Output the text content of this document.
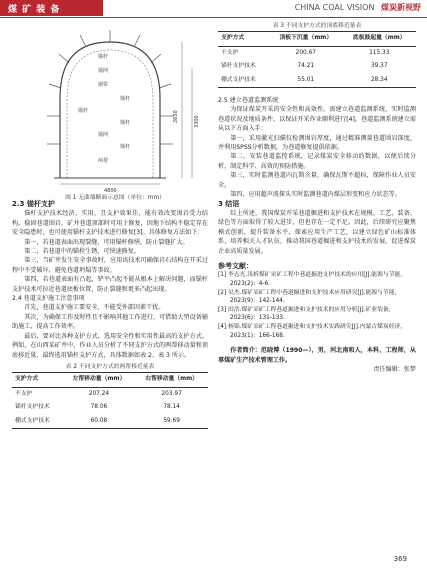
煤 矿 装 备	CHINA COAL VISION 煤炭新视野
锚杆
锚网
钢带
锚杆
锚杆
锚杆
锚网
锚杆
两帮
2650
4800
3300
图 1 无曲墙断面示意图（单位：mm）

2.3 锚杆支护

锚杆支护技术经济、实用，且支护效果佳，能有效改变围岩受力结构，稳固巷道围岩，矿井巷道顶部时可用于修复，因地下结构不稳定存在安全隐患时，也可使用锚杆支护技术进行修复[3]。具体修复方法如下：

第一，若巷道表面出现裂缝，可用锚杆修缮，防止裂缝扩大。

第二，若巷道中的锚栓生锈，可快速修复。

第三，当矿井发生安全事故时，应用该技术可确保岩石结构在开采过程中不受破坏，避免巷道坍塌等事故。

第四，若巷道表面有凸起，铲平凸起不能从根本上解决问题，而锚杆支护技术可拉近巷道底板位置，防止裂缝和更多凸起出现。

2.4 巷道支护施工注意事项

首先，巷道支护施工要安全，不能受外部因素干扰。

其次，为确保工作及时性且不影响其他工作进行，可借助大型设备辅助施工，提高工作效率。

最后，要对比各种支护方式，选用安全性和实用性最高的支护方式。例如，在山西某矿井中，作业人员分析了不同支护方式的两帮移动量和顶底移近量，最终选用锚杆支护方式，具体数据如表 2、表 3 所示。

表 2 不同支护方式的两帮移近量表
支护方式	左帮移动量（mm）	右帮移动量（mm）
不支护	207.24	203.97
锚杆支护技术	78.06	78.14
棚式支护技术	60.08	59.69
表 3 不同支护方式的顶底移近量表
支护方式	顶板下沉量（mm）	底板鼓起量（mm）
不支护	200.67	115.33
锚杆支护技术	74.21	39.37
棚式支护技术	55.01	28.34

2.5 建立巷道监测系统

为保证煤炭开采的安全性和高效性，需建立巷道监测系统，实时监测巷道状况及地质条件，以保证开采作业顺利进行[4]。巷道监测系统建立需从以下方面入手：

第一，采用激光扫描仪检测围岩厚度，通过精准测量巷道围岩深度，并利用SPSS分析数据，为巷道修复提供依据。

第二，安装巷道监控系统，记录煤炭安全移动的数据，以便后续分析，制定科学、高效的预防措施。

第三，实时监测巷道内瓦斯含量，确保瓦斯不超标，保障作业人员安全。

第四，应用超声波探头实时监测巷道内煤层形变和应力状态等。

3 结语

综上所述，我国煤炭开采巷道掘进和支护技术在规模、工艺、装备、绿色等方面取得了较大进步，但也存在一定不足。因此，后续研究应聚焦模式创新、提升装备水平、探索应用生产工艺，以建立绿色矿山标准体系，培养相关人才队伍，推动我国巷道掘进和支护技术的发展，促进煤炭企业高质量发展。

参考文献：

[1] 李志光.浅析煤矿采矿工程中巷道掘进支护技术的应用[J].能源与节能，2023(2)：4-6.
[2] 吴杰.煤矿采矿工程中巷道掘进和支护技术应用研究[J].能源与节能，2023(9)：142-144.
[3] 田浩.煤矿采矿工程巷道掘进和支护技术的应用分析[J].矿业装备，2023(6)：131-133.
[4] 杨锦.煤矿采矿工程巷道掘进和支护技术实践研究[J].内蒙古煤炭经济，2023(1)：166-168.

作者简介：范晓博（1990—），男，河北南和人，本科，工程师，从事煤矿生产技术管理工作。

责任编辑：张梦
369
